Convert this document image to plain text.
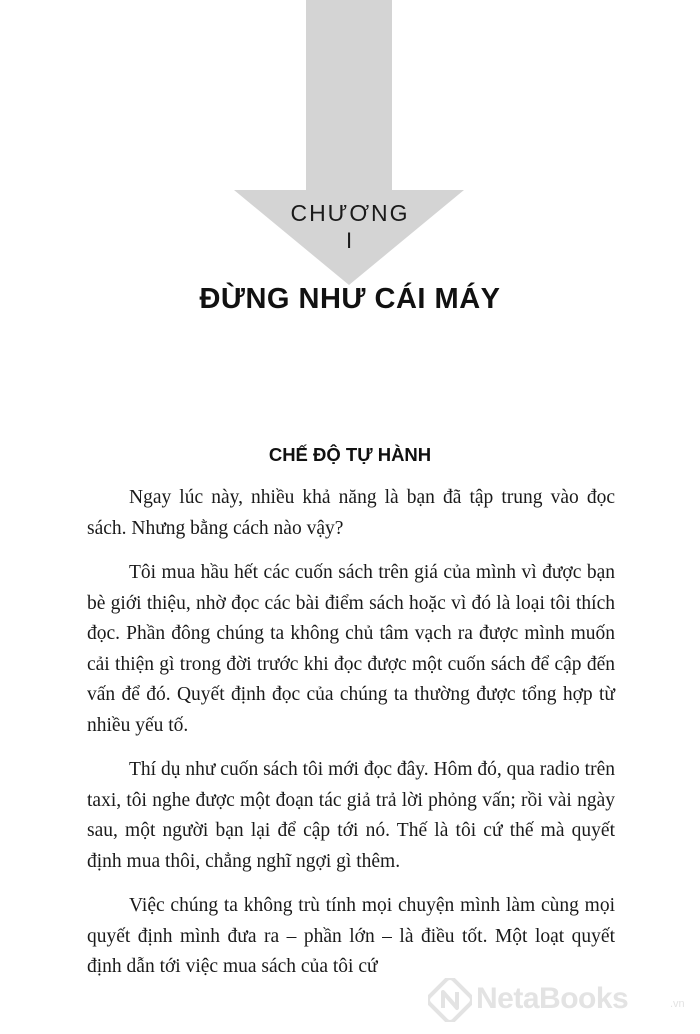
CHƯƠNG
I
ĐỪNG NHƯ CÁI MÁY
CHẾ ĐỘ TỰ HÀNH

Ngay lúc này, nhiều khả năng là bạn đã tập trung vào đọc sách. Nhưng bằng cách nào vậy?

Tôi mua hầu hết các cuốn sách trên giá của mình vì được bạn bè giới thiệu, nhờ đọc các bài điểm sách hoặc vì đó là loại tôi thích đọc. Phần đông chúng ta không chủ tâm vạch ra được mình muốn cải thiện gì trong đời trước khi đọc được một cuốn sách để cập đến vấn để đó. Quyết định đọc của chúng ta thường được tổng hợp từ nhiều yếu tố.

Thí dụ như cuốn sách tôi mới đọc đây. Hôm đó, qua radio trên taxi, tôi nghe được một đoạn tác giả trả lời phỏng vấn; rồi vài ngày sau, một người bạn lại để cập tới nó. Thế là tôi cứ thế mà quyết định mua thôi, chẳng nghĩ ngợi gì thêm.

Việc chúng ta không trù tính mọi chuyện mình làm cùng mọi quyết định mình đưa ra – phần lớn – là điều tốt. Một loạt quyết định dẫn tới việc mua sách của tôi cứ

NetaBooks	.vn
